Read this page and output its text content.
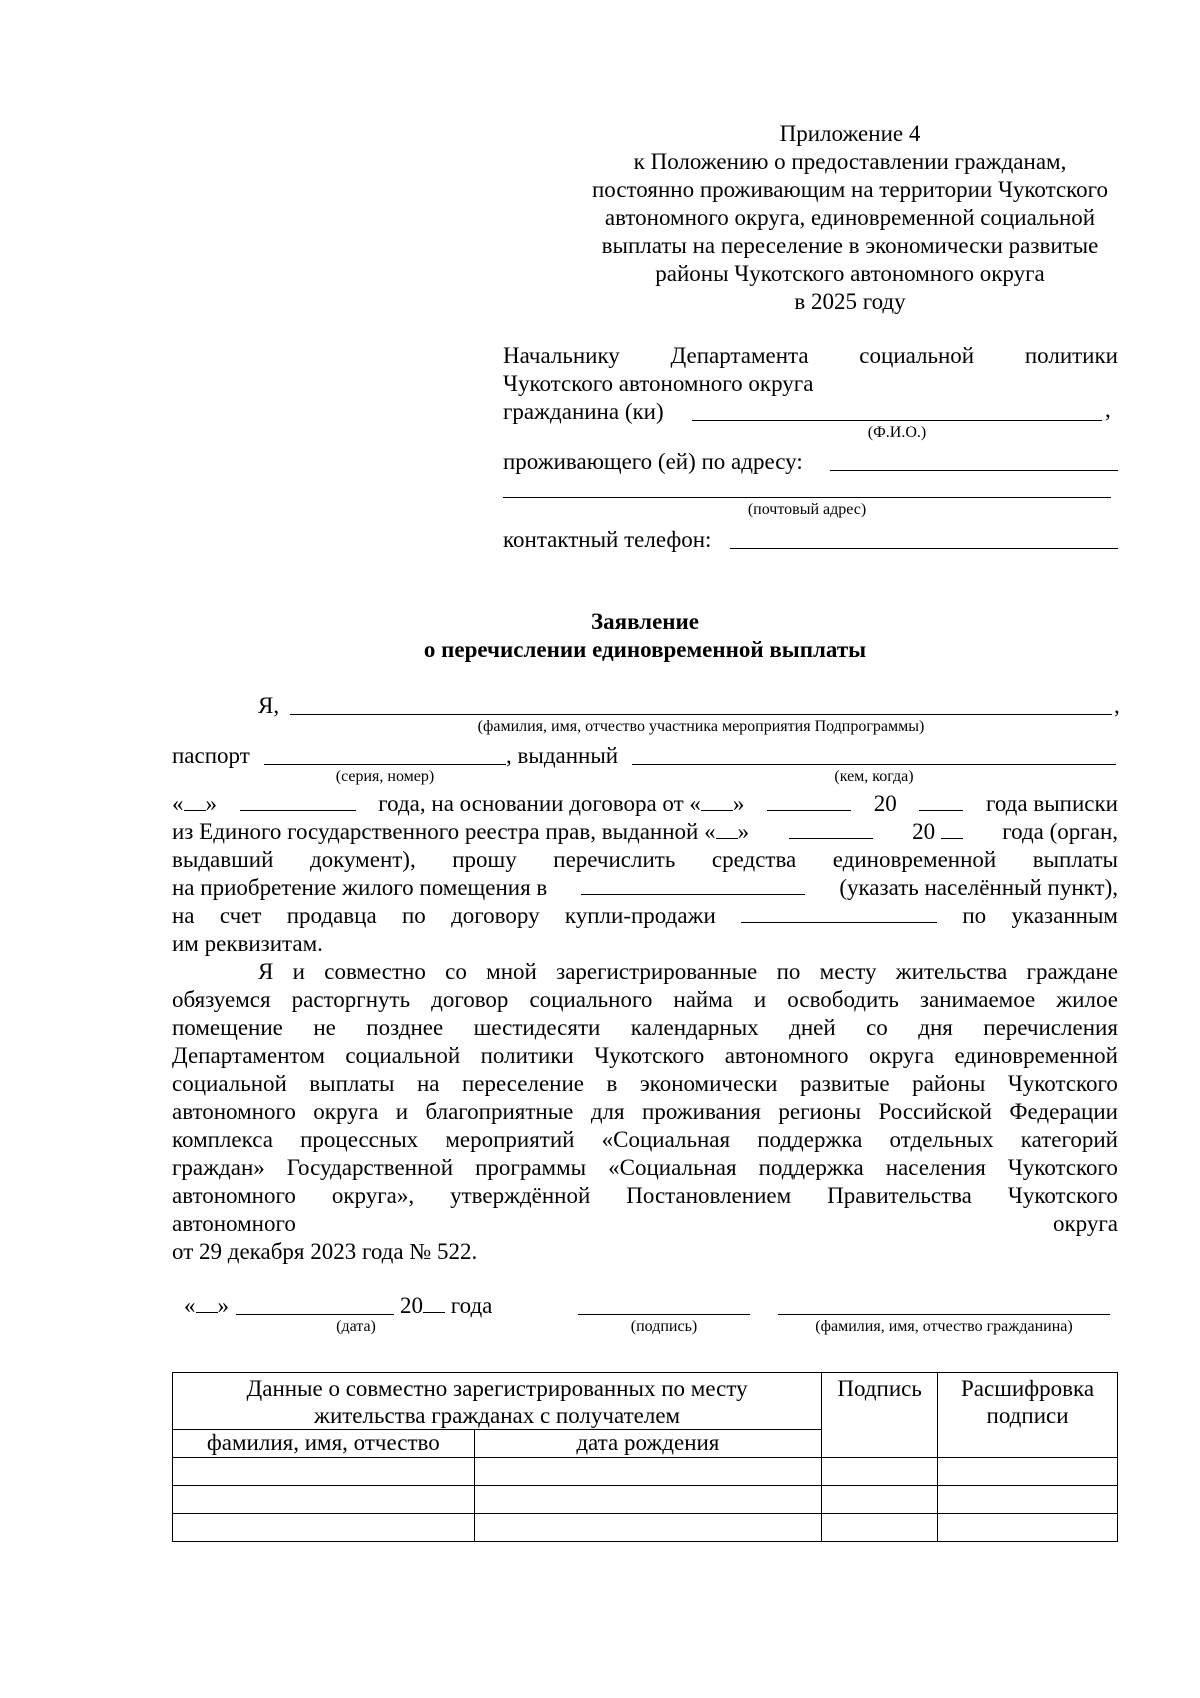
Приложение 4
к Положению о предоставлении гражданам,
постоянно проживающим на территории Чукотского
автономного округа, единовременной социальной
выплаты на переселение в экономически развитые
районы Чукотского автономного округа
в 2025 году
Начальнику Департамента социальной политики
Чукотского автономного округа
гражданина (ки)	,
(Ф.И.О.)
проживающего (ей) по адресу:
(почтовый адрес)
контактный телефон:
Заявление
о перечислении единовременной выплаты
Я,	,
(фамилия, имя, отчество участника мероприятия Подпрограммы)
паспорт	, выданный
(серия, номер)	(кем, когда)
« »	года, на основании договора от « »	20	года выписки
из Единого государственного реестра прав, выданной « »	20	года (орган,
выдавший документ), прошу перечислить средства единовременной выплаты
на приобретение жилого помещения в	(указать населённый пункт),
на счет продавца по договору купли-продажи	по указанным
им реквизитам.
Я и совместно со мной зарегистрированные по месту жительства граждане
обязуемся расторгнуть договор социального найма и освободить занимаемое жилое
помещение не позднее шестидесяти календарных дней со дня перечисления
Департаментом социальной политики Чукотского автономного округа единовременной
социальной выплаты на переселение в экономически развитые районы Чукотского
автономного округа и благоприятные для проживания регионы Российской Федерации
комплекса процессных мероприятий «Социальная поддержка отдельных категорий
граждан» Государственной программы «Социальная поддержка населения Чукотского
автономного округа», утверждённой Постановлением Правительства Чукотского
автономного	округа
от 29 декабря 2023 года № 522.
« »	20 года
(дата)	(подпись)	(фамилия, имя, отчество гражданина)
Данные о совместно зарегистрированных по месту жительства гражданах с получателем		Подпись	Расшифровка подписи
фамилия, имя, отчество	дата рождения		
